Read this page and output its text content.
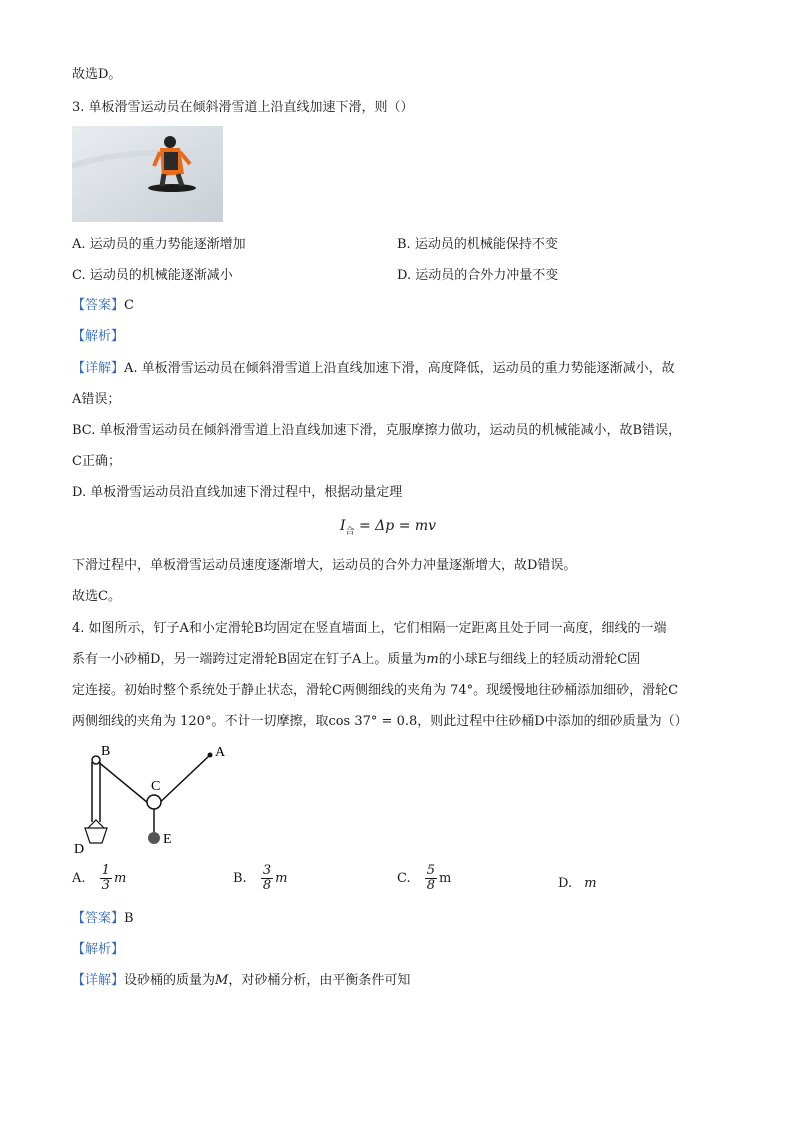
故选D。
3. 单板滑雪运动员在倾斜滑雪道上沿直线加速下滑，则（）
A. 运动员的重力势能逐渐增加	B. 运动员的机械能保持不变
C. 运动员的机械能逐渐减小	D. 运动员的合外力冲量不变
【答案】C
【解析】
【详解】A. 单板滑雪运动员在倾斜滑雪道上沿直线加速下滑，高度降低，运动员的重力势能逐渐减小，故
A错误；
BC. 单板滑雪运动员在倾斜滑雪道上沿直线加速下滑，克服摩擦力做功，运动员的机械能减小，故B错误，
C正确；
D. 单板滑雪运动员沿直线加速下滑过程中，根据动量定理
$I_合 = \Delta p$ = mv
下滑过程中，单板滑雪运动员速度逐渐增大，运动员的合外力冲量逐渐增大，故D错误。
故选C。
4. 如图所示，钉子A和小定滑轮B均固定在竖直墙面上，它们相隔一定距离且处于同一高度，细线的一端
系有一小砂桶D，另一端跨过定滑轮B固定在钉子A上。质量为m的小球E与细线上的轻质动滑轮C固
定连接。初始时整个系统处于静止状态，滑轮C两侧细线的夹角为 74°。现缓慢地往砂桶添加细砂，滑轮C
两侧细线的夹角为 120°。不计一切摩擦，取cos 37° = 0.8，则此过程中往砂桶D中添加的细砂质量为（）
B	A
C
D
E
A. $\frac{1}{3}$ m	B. $\frac{3}{8}$ m	C. $\frac{5}{8}$ m	D. m
【答案】B
【解析】
【详解】设砂桶的质量为M，对砂桶分析，由平衡条件可知
